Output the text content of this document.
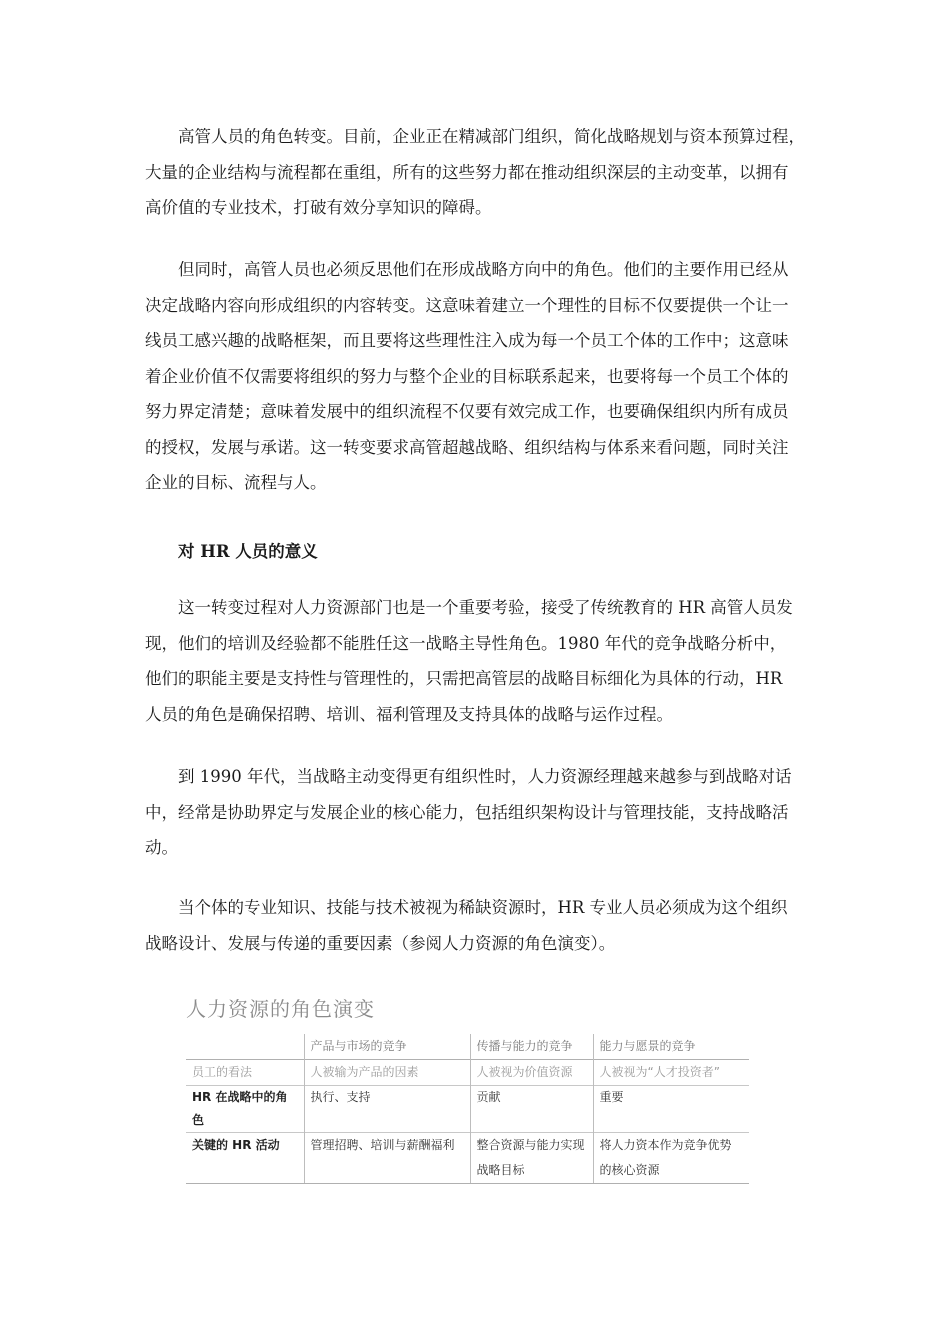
　　高管人员的角色转变。目前，企业正在精减部门组织，简化战略规划与资本预算过程，
大量的企业结构与流程都在重组，所有的这些努力都在推动组织深层的主动变革，以拥有
高价值的专业技术，打破有效分享知识的障碍。
　　但同时，高管人员也必须反思他们在形成战略方向中的角色。他们的主要作用已经从
决定战略内容向形成组织的内容转变。这意味着建立一个理性的目标不仅要提供一个让一
线员工感兴趣的战略框架，而且要将这些理性注入成为每一个员工个体的工作中；这意味
着企业价值不仅需要将组织的努力与整个企业的目标联系起来，也要将每一个员工个体的
努力界定清楚；意味着发展中的组织流程不仅要有效完成工作，也要确保组织内所有成员
的授权，发展与承诺。这一转变要求高管超越战略、组织结构与体系来看问题，同时关注
企业的目标、流程与人。
对 HR 人员的意义
　　这一转变过程对人力资源部门也是一个重要考验，接受了传统教育的 HR 高管人员发
现，他们的培训及经验都不能胜任这一战略主导性角色。1980 年代的竞争战略分析中，
他们的职能主要是支持性与管理性的，只需把高管层的战略目标细化为具体的行动，HR
人员的角色是确保招聘、培训、福利管理及支持具体的战略与运作过程。
　　到 1990 年代，当战略主动变得更有组织性时，人力资源经理越来越参与到战略对话
中，经常是协助界定与发展企业的核心能力，包括组织架构设计与管理技能，支持战略活
动。
　　当个体的专业知识、技能与技术被视为稀缺资源时，HR 专业人员必须成为这个组织
战略设计、发展与传递的重要因素（参阅人力资源的角色演变）。
人力资源的角色演变
	产品与市场的竞争	传播与能力的竞争	能力与愿景的竞争
员工的看法	人被输为产品的因素	人被视为价值资源	人被视为“人才投资者”
HR 在战略中的角色	执行、支持	贡献	重要
关键的 HR 活动	管理招聘、培训与薪酬福利	整合资源与能力实现战略目标	将人力资本作为竞争优势的核心资源
